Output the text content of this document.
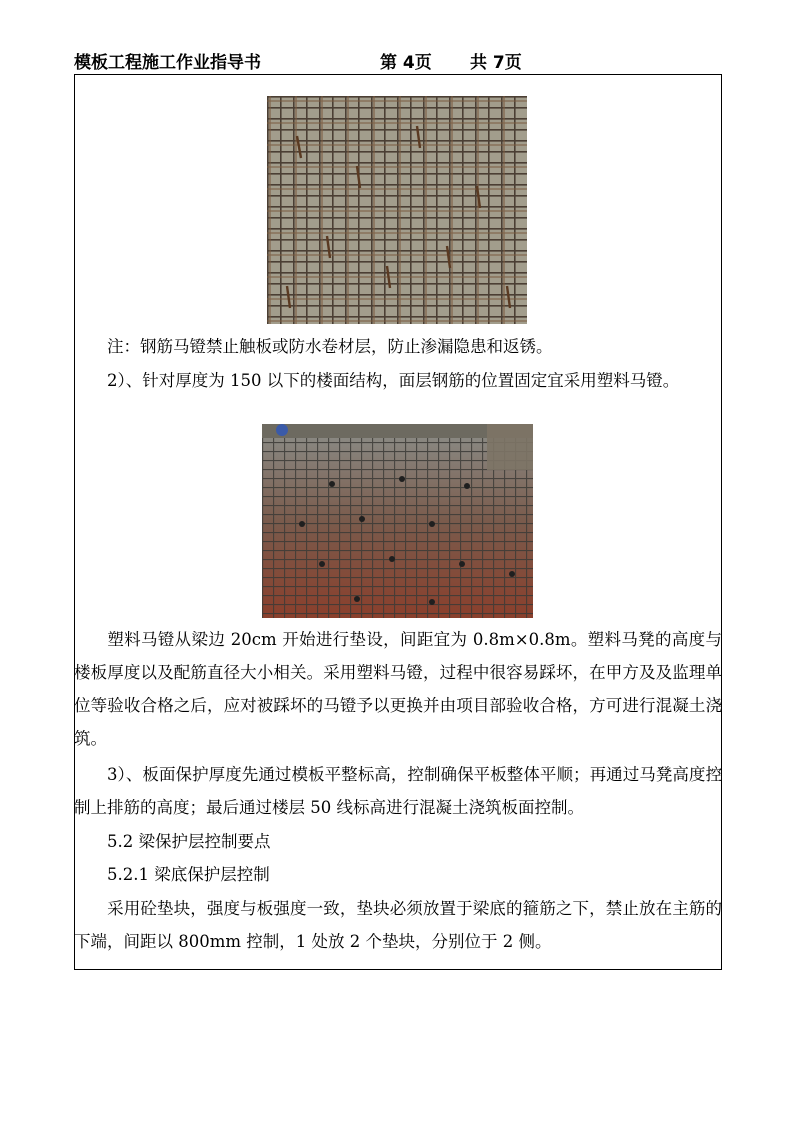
模板工程施工作业指导书	第 4页 共 7页

注：钢筋马镫禁止触板或防水卷材层，防止渗漏隐患和返锈。

2）、针对厚度为 150 以下的楼面结构，面层钢筋的位置固定宜采用塑料马镫。

塑料马镫从梁边 20cm 开始进行垫设，间距宜为 0.8m×0.8m。塑料马凳的高度与楼板厚度以及配筋直径大小相关。采用塑料马镫，过程中很容易踩坏，在甲方及及监理单位等验收合格之后，应对被踩坏的马镫予以更换并由项目部验收合格，方可进行混凝土浇筑。

3）、板面保护厚度先通过模板平整标高，控制确保平板整体平顺；再通过马凳高度控制上排筋的高度；最后通过楼层 50 线标高进行混凝土浇筑板面控制。

5.2 梁保护层控制要点

5.2.1 梁底保护层控制

采用砼垫块，强度与板强度一致，垫块必须放置于梁底的箍筋之下，禁止放在主筋的下端，间距以 800mm 控制，1 处放 2 个垫块，分别位于 2 侧。
